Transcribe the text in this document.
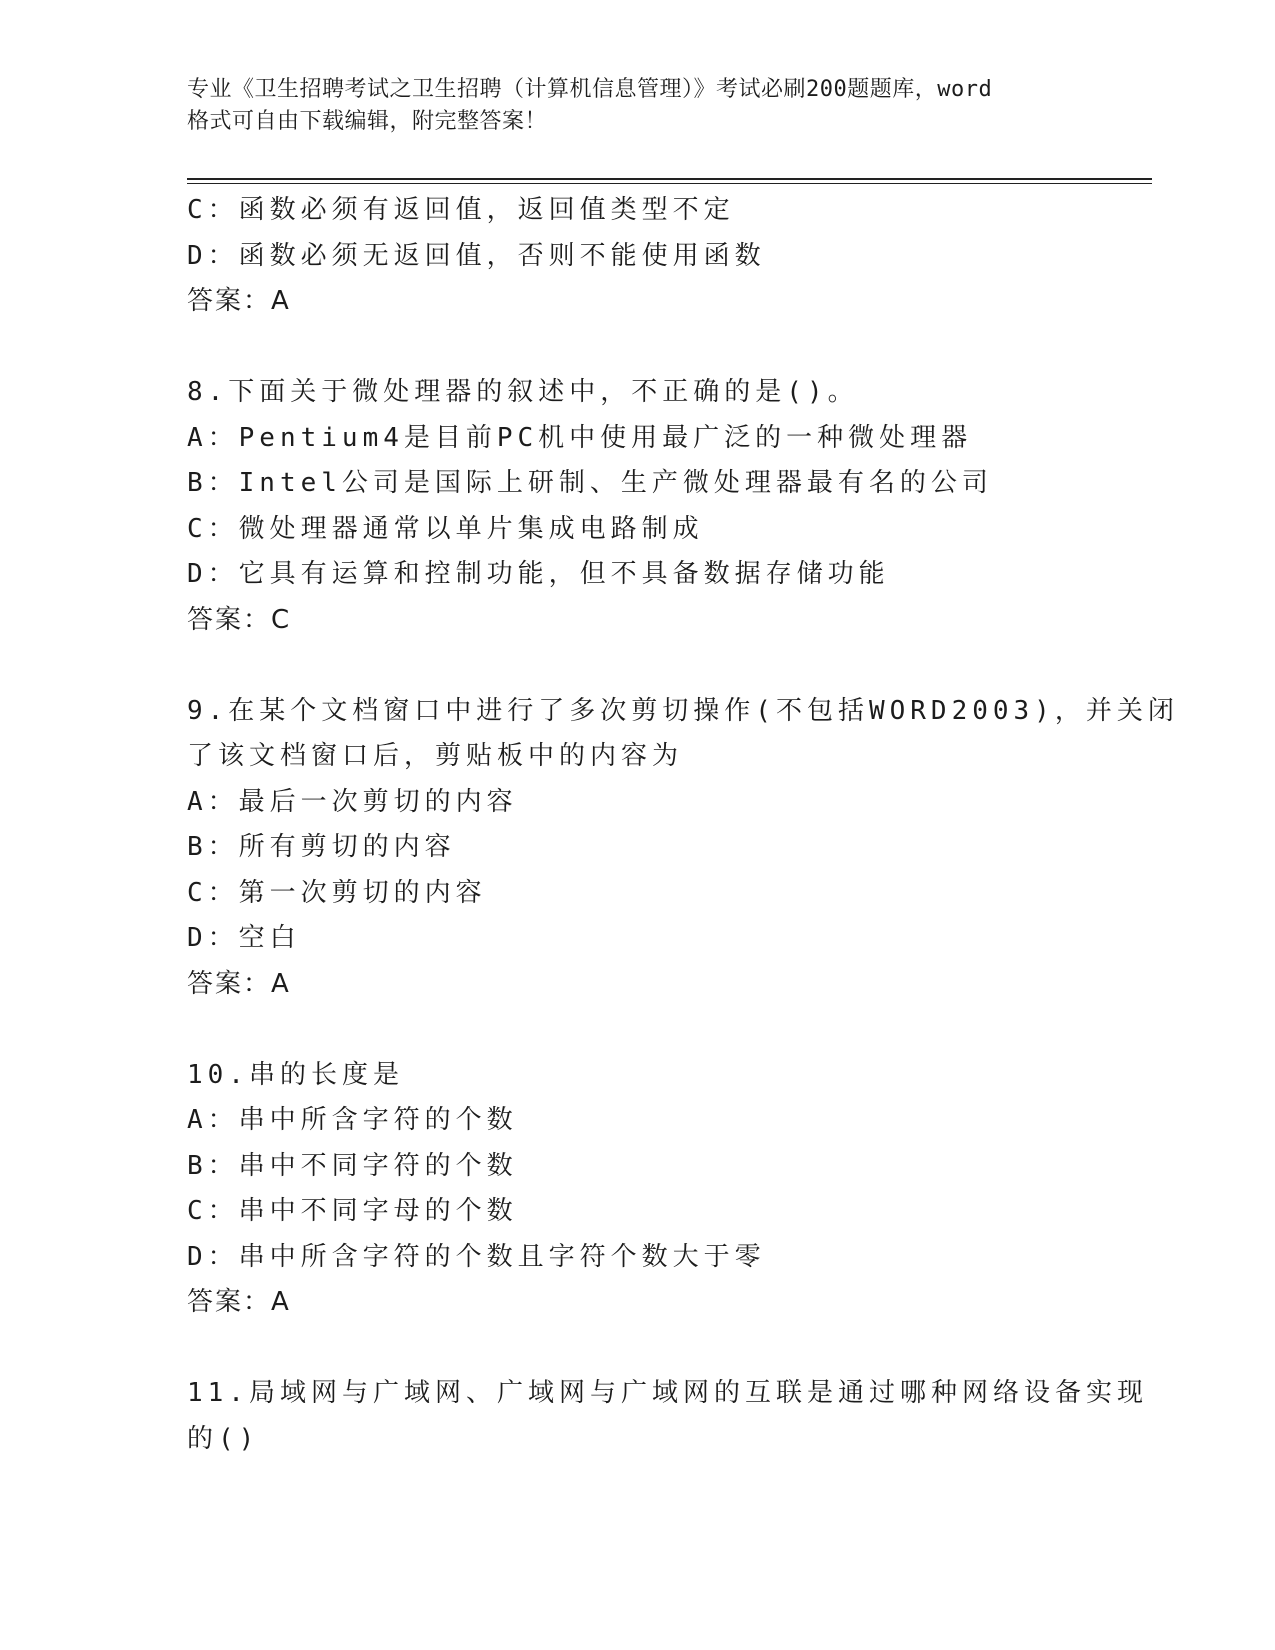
专业《卫生招聘考试之卫生招聘（计算机信息管理）》考试必刷200题题库，word
格式可自由下载编辑，附完整答案！
C：函数必须有返回值，返回值类型不定
D：函数必须无返回值，否则不能使用函数
答案：A
8.下面关于微处理器的叙述中，不正确的是()。
A：Pentium4是目前PC机中使用最广泛的一种微处理器
B：Intel公司是国际上研制、生产微处理器最有名的公司
C：微处理器通常以单片集成电路制成
D：它具有运算和控制功能，但不具备数据存储功能
答案：C
9.在某个文档窗口中进行了多次剪切操作(不包括WORD2003)，并关闭
了该文档窗口后，剪贴板中的内容为
A：最后一次剪切的内容
B：所有剪切的内容
C：第一次剪切的内容
D：空白
答案：A
10.串的长度是
A：串中所含字符的个数
B：串中不同字符的个数
C：串中不同字母的个数
D：串中所含字符的个数且字符个数大于零
答案：A
11.局域网与广域网、广域网与广域网的互联是通过哪种网络设备实现
的()
